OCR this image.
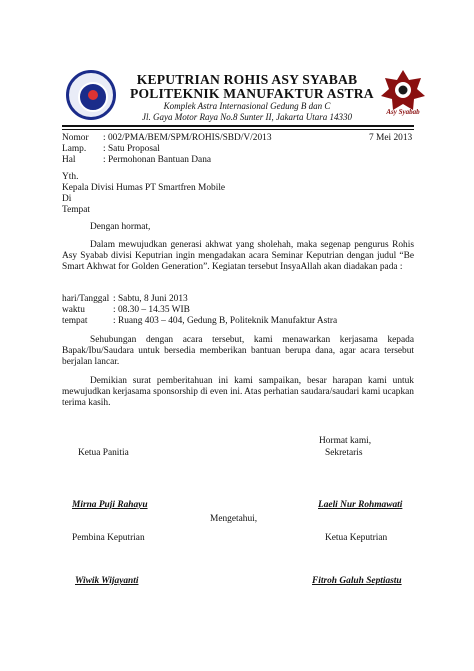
KEPUTRIAN ROHIS ASY SYABAB
POLITEKNIK MANUFAKTUR ASTRA
Komplek Astra Internasional Gedung B dan C
Jl. Gaya Motor Raya No.8 Sunter II, Jakarta Utara 14330	Asy Syabab
Nomor : 002/PMA/BEM/SPM/ROHIS/SBD/V/2013	7 Mei 2013
Lamp. : Satu Proposal
Hal	: Permohonan Bantuan Dana
Yth.
Kepala Divisi Humas PT Smartfren Mobile
Di
Tempat
Dengan hormat,
Dalam mewujudkan generasi akhwat yang sholehah, maka segenap pengurus Rohis Asy Syabab divisi Keputrian ingin mengadakan acara Seminar Keputrian dengan judul “Be Smart Akhwat for Golden Generation”. Kegiatan tersebut InsyaAllah akan diadakan pada :
hari/Tanggal : Sabtu, 8 Juni 2013
waktu	: 08.30 – 14.35 WIB
tempat	: Ruang 403 – 404, Gedung B, Politeknik Manufaktur Astra
Sehubungan dengan acara tersebut, kami menawarkan kerjasama kepada Bapak/Ibu/Saudara untuk bersedia memberikan bantuan berupa dana, agar acara tersebut berjalan lancar.
Demikian surat pemberitahuan ini kami sampaikan, besar harapan kami untuk mewujudkan kerjasama sponsorship di even ini. Atas perhatian saudara/saudari kami ucapkan terima kasih.
Hormat kami,
Ketua Panitia	Sekretaris
Mirna Puji Rahayu	Laeli Nur Rohmawati
Mengetahui,
Pembina Keputrian	Ketua Keputrian
Wiwik Wijayanti	Fitroh Galuh Septiastu
